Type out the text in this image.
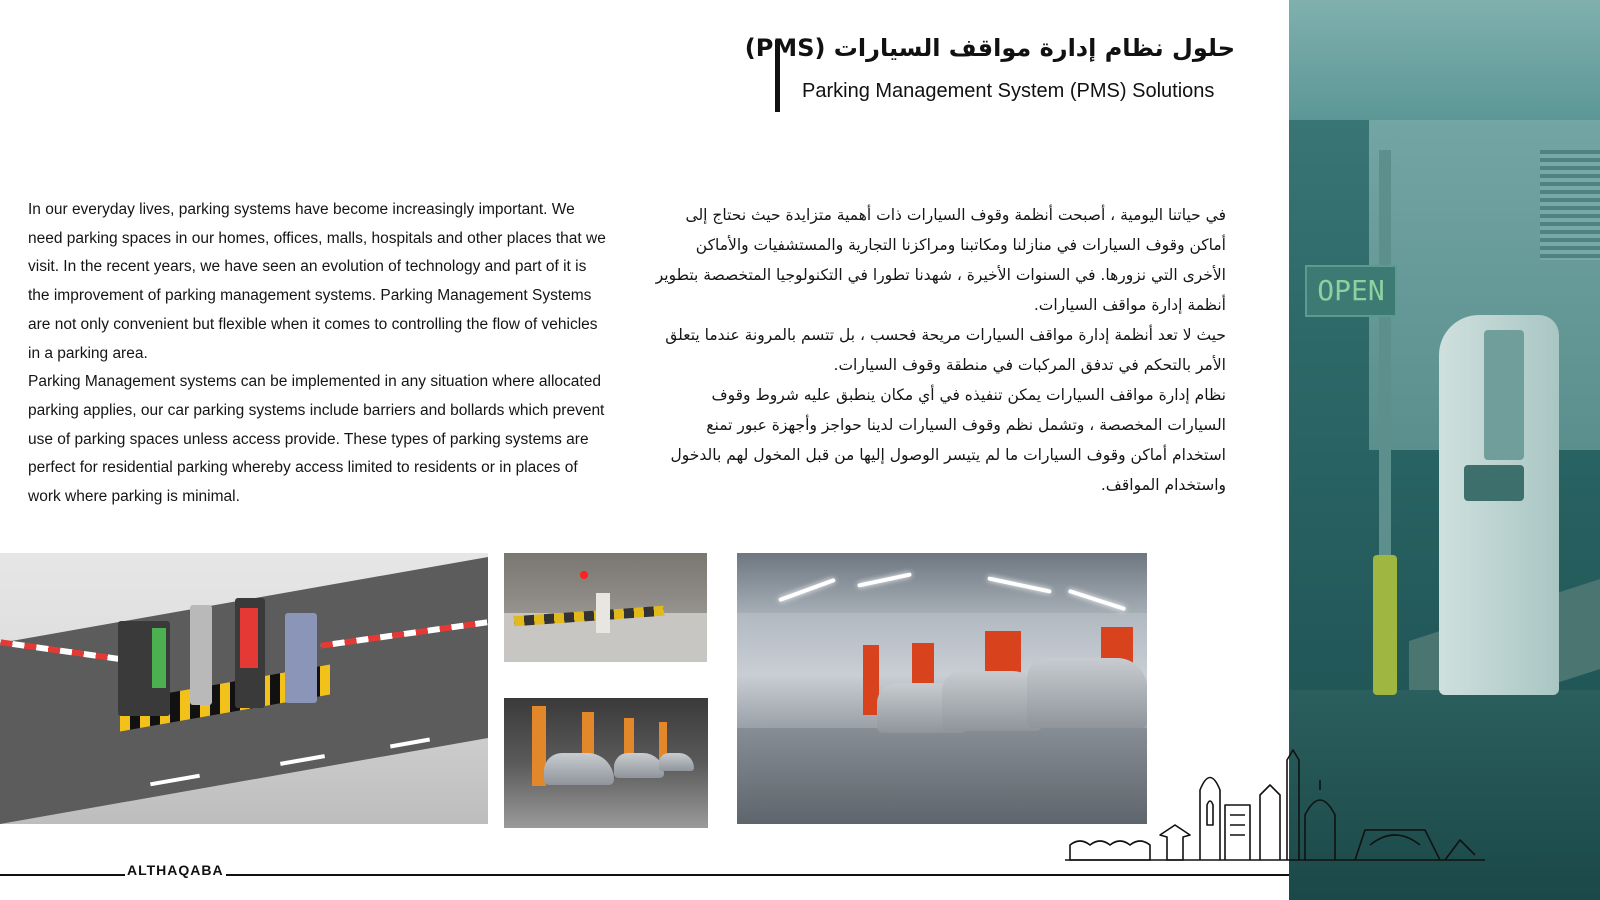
حلول نظام إدارة مواقف السيارات (PMS)
Parking Management System (PMS) Solutions

In our everyday lives, parking systems have become increasingly important. We need parking spaces in our homes, offices, malls, hospitals and other places that we visit. In the recent years, we have seen an evolution of technology and part of it is the improvement of parking management systems. Parking Management Systems are not only convenient but flexible when it comes to controlling the flow of vehicles in a parking area.

Parking Management systems can be implemented in any situation where allocated parking applies, our car parking systems include barriers and bollards which prevent use of parking spaces unless access provide. These types of parking systems are perfect for residential parking whereby access limited to residents or in places of work where parking is minimal.

في حياتنا اليومية ، أصبحت أنظمة وقوف السيارات ذات أهمية متزايدة حيث نحتاج إلى أماكن وقوف السيارات في منازلنا ومكاتبنا ومراكزنا التجارية والمستشفيات والأماكن الأخرى التي نزورها. في السنوات الأخيرة ، شهدنا تطورا في التكنولوجيا المتخصصة بتطوير أنظمة إدارة مواقف السيارات.

حيث لا تعد أنظمة إدارة مواقف السيارات مريحة فحسب ، بل تتسم بالمرونة عندما يتعلق الأمر بالتحكم في تدفق المركبات في منطقة وقوف السيارات.

نظام إدارة مواقف السيارات يمكن تنفيذه في أي مكان ينطبق عليه شروط وقوف السيارات المخصصة ، وتشمل نظم وقوف السيارات لدينا حواجز وأجهزة عبور تمنع استخدام أماكن وقوف السيارات ما لم يتيسر الوصول إليها من قبل المخول لهم بالدخول واستخدام المواقف.

OPEN
ALTHAQABA
